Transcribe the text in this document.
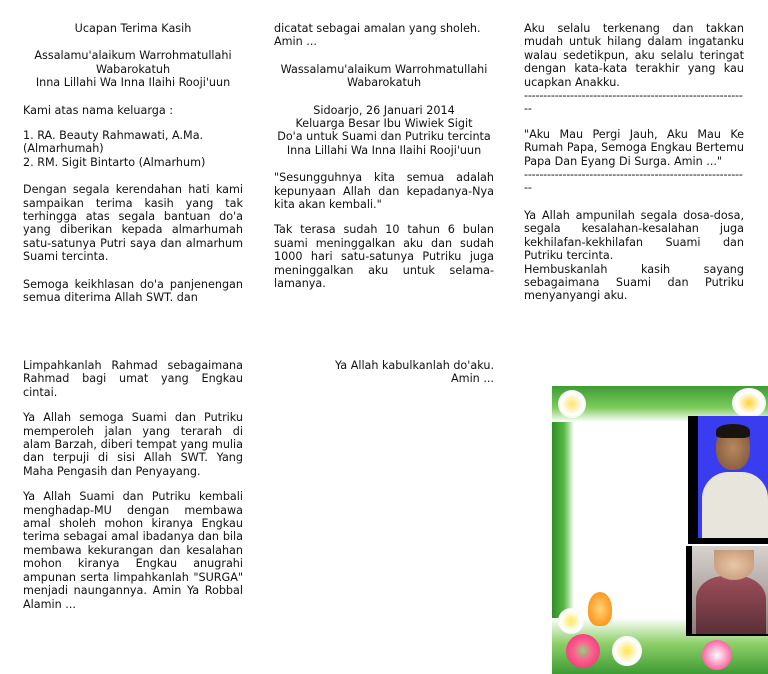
Ucapan Terima Kasih

Assalamu'alaikum Warrohmatullahi

Wabarokatuh

Inna Lillahi Wa Inna Ilaihi Rooji'uun

Kami atas nama keluarga :

1. RA. Beauty Rahmawati, A.Ma.

(Almarhumah)

2. RM. Sigit Bintarto (Almarhum)

Dengan segala kerendahan hati kami sampaikan terima kasih yang tak terhingga atas segala bantuan do'a yang diberikan kepada almarhumah satu-satunya Putri saya dan almarhum Suami tercinta.

Semoga keikhlasan do'a panjenengan semua diterima Allah SWT. dan

dicatat sebagai amalan yang sholeh.

Amin ...

Wassalamu'alaikum Warrohmatullahi

Wabarokatuh

Sidoarjo, 26 Januari 2014

Keluarga Besar Ibu Wiwiek Sigit

Do'a untuk Suami dan Putriku tercinta

Inna Lillahi Wa Inna Ilaihi Rooji'uun

"Sesungguhnya kita semua adalah kepunyaan Allah dan kepadanya-Nya kita akan kembali."

Tak terasa sudah 10 tahun 6 bulan suami meninggalkan aku dan sudah 1000 hari satu-satunya Putriku juga meninggalkan aku untuk selama-lamanya.

Aku selalu terkenang dan takkan mudah untuk hilang dalam ingatanku walau sedetikpun, aku selalu teringat dengan kata-kata terakhir yang kau ucapkan Anakku.

-----------------------------------------------------------

"Aku Mau Pergi Jauh, Aku Mau Ke Rumah Papa, Semoga Engkau Bertemu Papa Dan Eyang Di Surga. Amin ..."

-----------------------------------------------------------

Ya Allah ampunilah segala dosa-dosa, segala kesalahan-kesalahan juga kekhilafan-kekhilafan Suami dan Putriku tercinta.

Hembuskanlah kasih sayang sebagaimana Suami dan Putriku menyanyangi aku.

Limpahkanlah Rahmad sebagaimana Rahmad bagi umat yang Engkau cintai.

Ya Allah semoga Suami dan Putriku memperoleh jalan yang terarah di alam Barzah, diberi tempat yang mulia dan terpuji di sisi Allah SWT. Yang Maha Pengasih dan Penyayang.

Ya Allah Suami dan Putriku kembali menghadap-MU dengan membawa amal sholeh mohon kiranya Engkau terima sebagai amal ibadanya dan bila membawa kekurangan dan kesalahan mohon kiranya Engkau anugrahi ampunan serta limpahkanlah "SURGA" menjadi naungannya. Amin Ya Robbal Alamin ...

Ya Allah kabulkanlah do'aku.

Amin ...
